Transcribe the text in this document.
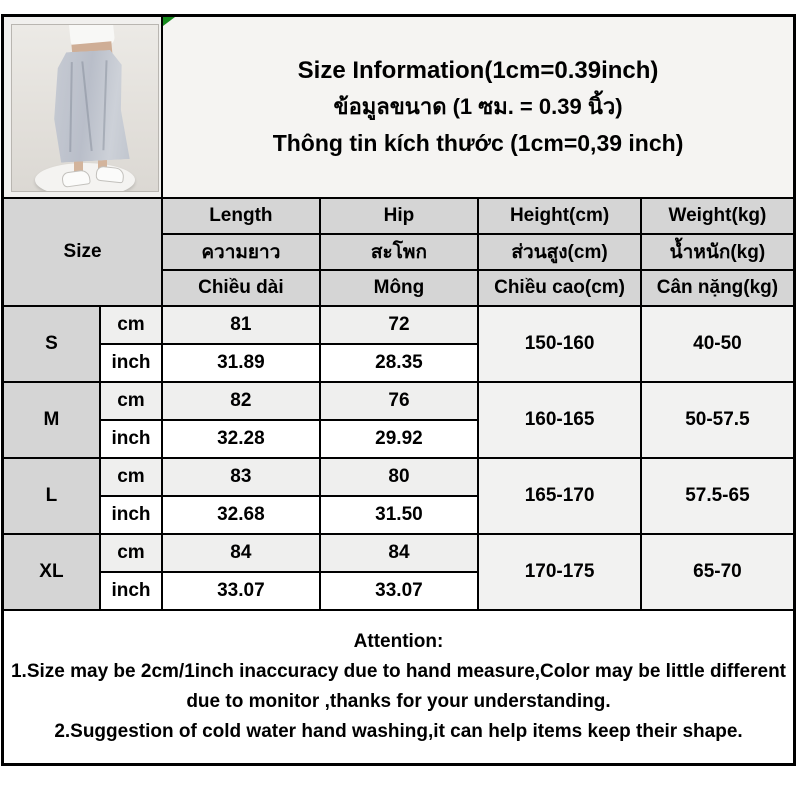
		Size Information(1cm=0.39inch)
ข้อมูลขนาด (1 ซม. = 0.39 นิ้ว)
Thông tin kích thước (1cm=0,39 inch)			

Size		Length	Hip	Height(cm)	Weight(kg)
		ความยาว	สะโพก	ส่วนสูง(cm)	น้ำหนัก(kg)
		Chiều dài	Mông	Chiều cao(cm)	Cân nặng(kg)
S	cm	81	72	150-160	40-50
	inch	31.89	28.35		
M	cm	82	76	160-165	50-57.5
	inch	32.28	29.92		
L	cm	83	80	165-170	57.5-65
	inch	32.68	31.50		
XL	cm	84	84	170-175	65-70
	inch	33.07	33.07		

Attention:
1.Size may be 2cm/1inch inaccuracy due to hand measure,Color may be little different due to monitor ,thanks for your understanding.
2.Suggestion of cold water hand washing,it can help items keep their shape.					
